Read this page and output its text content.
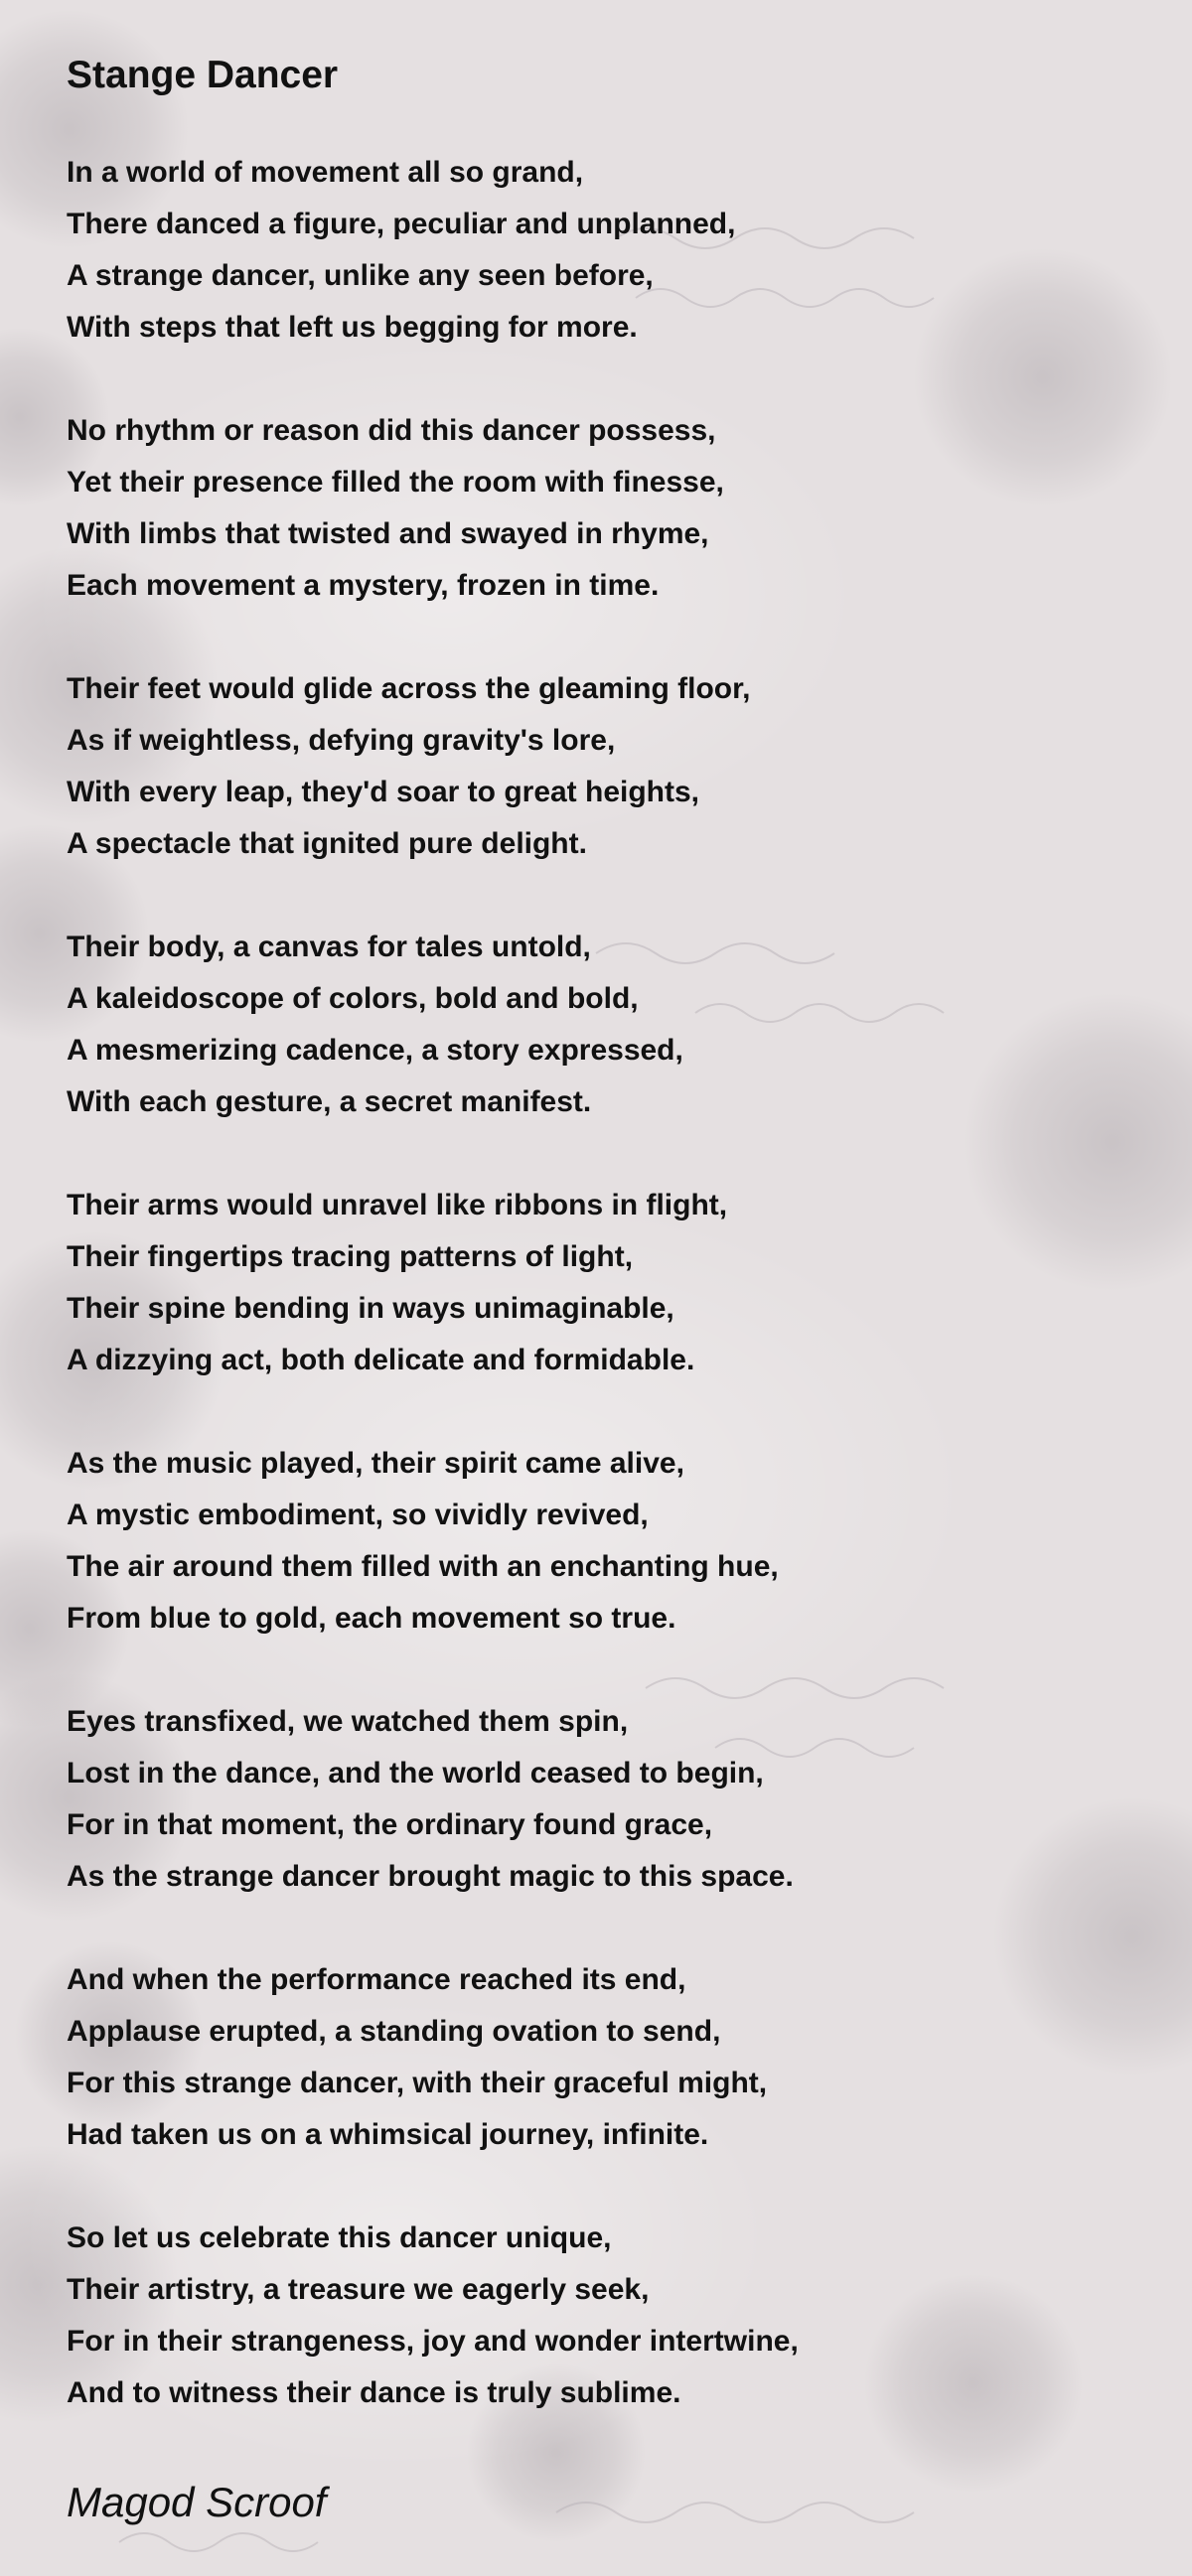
Stange Dancer
In a world of movement all so grand,
There danced a figure, peculiar and unplanned,
A strange dancer, unlike any seen before,
With steps that left us begging for more.
No rhythm or reason did this dancer possess,
Yet their presence filled the room with finesse,
With limbs that twisted and swayed in rhyme,
Each movement a mystery, frozen in time.
Their feet would glide across the gleaming floor,
As if weightless, defying gravity's lore,
With every leap, they'd soar to great heights,
A spectacle that ignited pure delight.
Their body, a canvas for tales untold,
A kaleidoscope of colors, bold and bold,
A mesmerizing cadence, a story expressed,
With each gesture, a secret manifest.
Their arms would unravel like ribbons in flight,
Their fingertips tracing patterns of light,
Their spine bending in ways unimaginable,
A dizzying act, both delicate and formidable.
As the music played, their spirit came alive,
A mystic embodiment, so vividly revived,
The air around them filled with an enchanting hue,
From blue to gold, each movement so true.
Eyes transfixed, we watched them spin,
Lost in the dance, and the world ceased to begin,
For in that moment, the ordinary found grace,
As the strange dancer brought magic to this space.
And when the performance reached its end,
Applause erupted, a standing ovation to send,
For this strange dancer, with their graceful might,
Had taken us on a whimsical journey, infinite.
So let us celebrate this dancer unique,
Their artistry, a treasure we eagerly seek,
For in their strangeness, joy and wonder intertwine,
And to witness their dance is truly sublime.
Magod Scroof
